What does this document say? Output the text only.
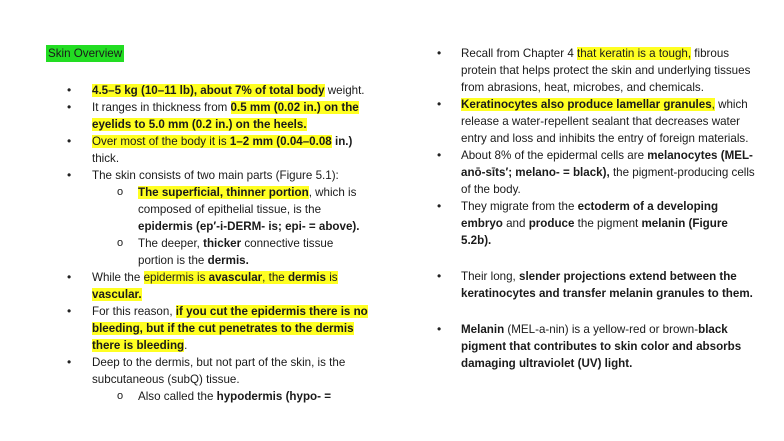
Skin Overview
• 4.5–5 kg (10–11 lb), about 7% of total body weight.
• It ranges in thickness from 0.5 mm (0.02 in.) on the eyelids to 5.0 mm (0.2 in.) on the heels.
• Over most of the body it is 1–2 mm (0.04–0.08 in.) thick.
• The skin consists of two main parts (Figure 5.1):
o The superficial, thinner portion, which is composed of epithelial tissue, is the epidermis (ep′-i-DERM- is; epi- = above).
o The deeper, thicker connective tissue portion is the dermis.
• While the epidermis is avascular, the dermis is vascular.
• For this reason, if you cut the epidermis there is no bleeding, but if the cut penetrates to the dermis there is bleeding.
• Deep to the dermis, but not part of the skin, is the subcutaneous (subQ) tissue.
o Also called the hypodermis (hypo- =
• Recall from Chapter 4 that keratin is a tough, fibrous protein that helps protect the skin and underlying tissues from abrasions, heat, microbes, and chemicals.
• Keratinocytes also produce lamellar granules, which release a water-repellent sealant that decreases water entry and loss and inhibits the entry of foreign materials.
• About 8% of the epidermal cells are melanocytes (MEL-anō-sīts′; melano- = black), the pigment-producing cells of the body.
• They migrate from the ectoderm of a developing embryo and produce the pigment melanin (Figure 5.2b).
• Their long, slender projections extend between the keratinocytes and transfer melanin granules to them.
• Melanin (MEL-a-nin) is a yellow-red or brown-black pigment that contributes to skin color and absorbs damaging ultraviolet (UV) light.
